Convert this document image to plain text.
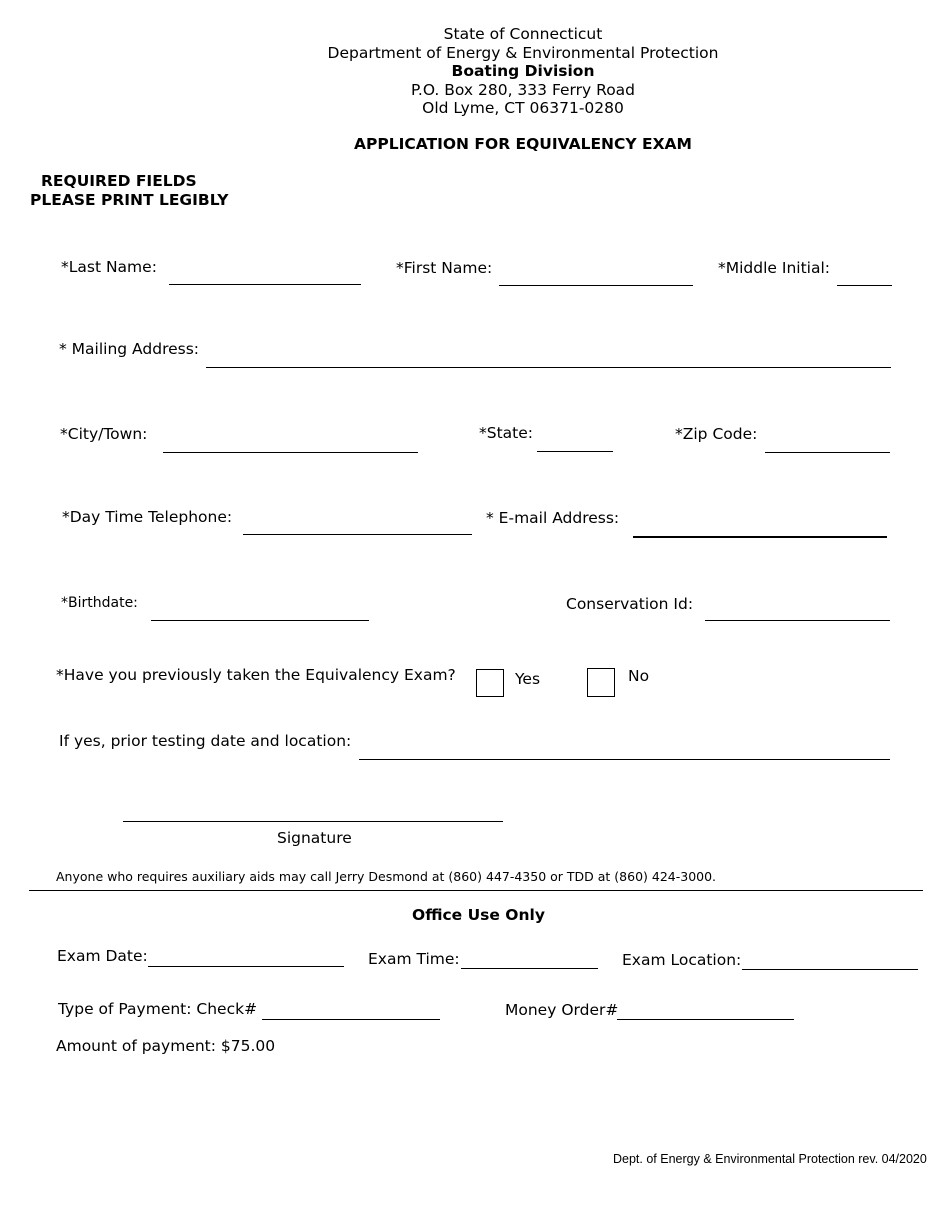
State of Connecticut
Department of Energy & Environmental Protection
Boating Division
P.O. Box 280, 333 Ferry Road
Old Lyme, CT 06371-0280
APPLICATION FOR EQUIVALENCY EXAM
REQUIRED FIELDS
PLEASE PRINT LEGIBLY
*Last Name:	*First Name:	*Middle Initial:
* Mailing Address:
*City/Town:	*State:	*Zip Code:
*Day Time Telephone:	* E-mail Address:
*Birthdate:	Conservation Id:
*Have you previously taken the Equivalency Exam?	Yes	No
If yes, prior testing date and location:
Signature
Anyone who requires auxiliary aids may call Jerry Desmond at (860) 447-4350 or TDD at (860) 424-3000.
Office Use Only
Exam Date:	Exam Time:	Exam Location:
Type of Payment: Check#	Money Order#
Amount of payment: $75.00
Dept. of Energy & Environmental Protection rev. 04/2020
